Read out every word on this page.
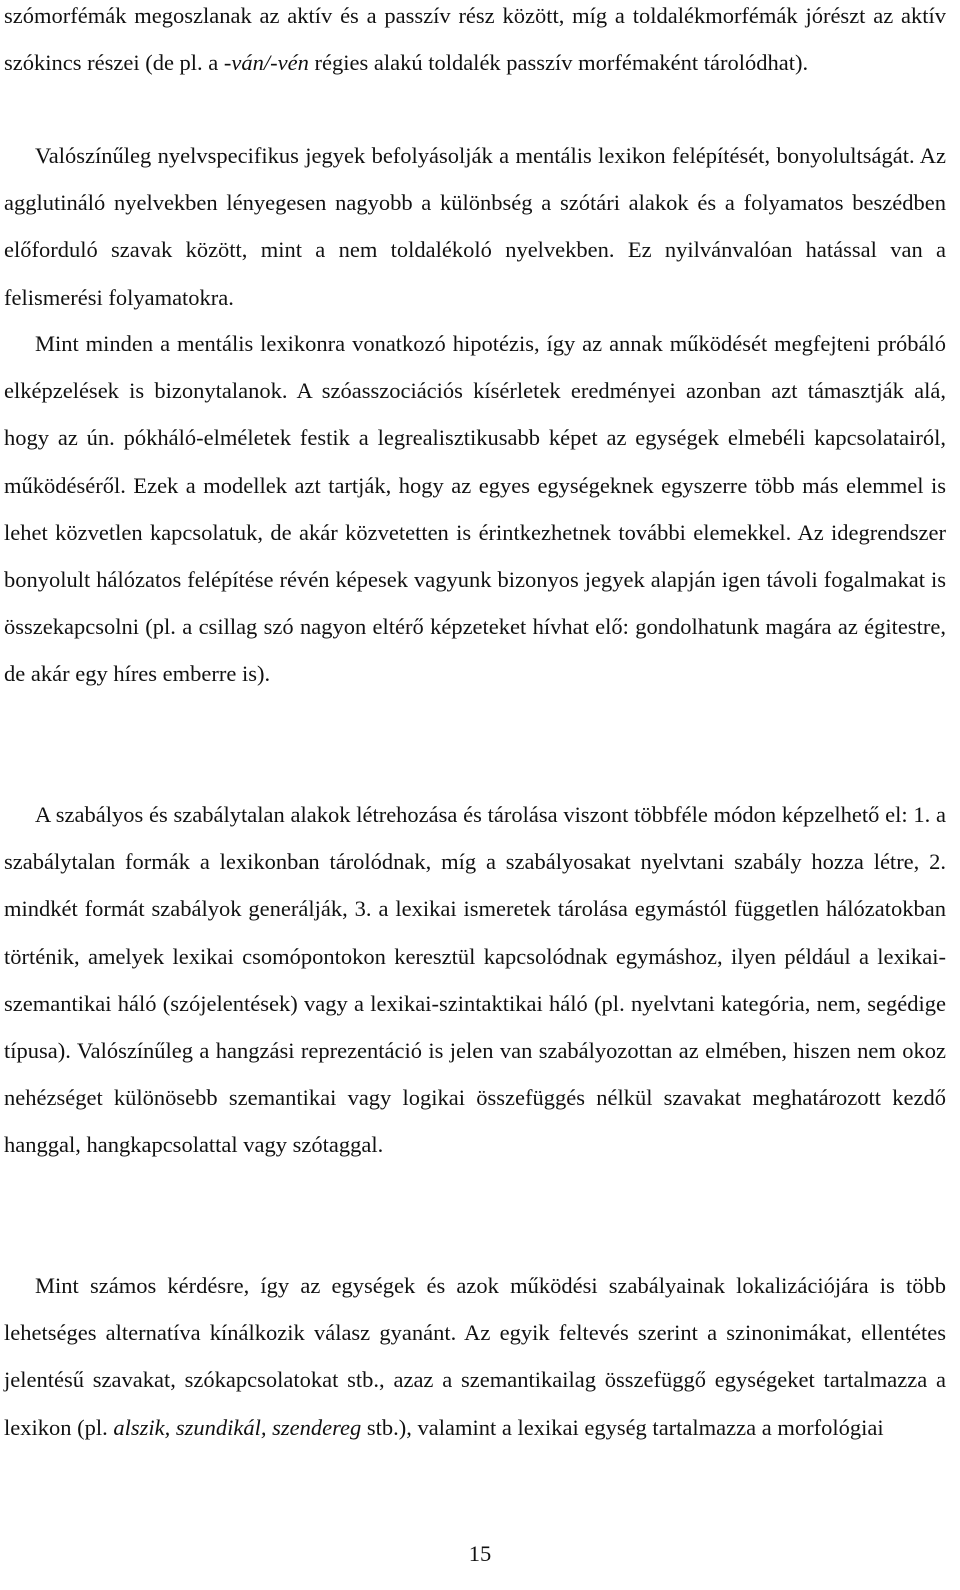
szómorfémák megoszlanak az aktív és a passzív rész között, míg a toldalékmorfémák jórészt az aktív szókincs részei (de pl. a -ván/-vén régies alakú toldalék passzív morfémaként tárolódhat).

Valószínűleg nyelvspecifikus jegyek befolyásolják a mentális lexikon felépítését, bonyolultságát. Az agglutináló nyelvekben lényegesen nagyobb a különbség a szótári alakok és a folyamatos beszédben előforduló szavak között, mint a nem toldalékoló nyelvekben. Ez nyilvánvalóan hatással van a felismerési folyamatokra.

Mint minden a mentális lexikonra vonatkozó hipotézis, így az annak működését megfejteni próbáló elképzelések is bizonytalanok. A szóasszociációs kísérletek eredményei azonban azt támasztják alá, hogy az ún. pókháló-elméletek festik a legrealisztikusabb képet az egységek elmebéli kapcsolatairól, működéséről. Ezek a modellek azt tartják, hogy az egyes egységeknek egyszerre több más elemmel is lehet közvetlen kapcsolatuk, de akár közvetetten is érintkezhetnek további elemekkel. Az idegrendszer bonyolult hálózatos felépítése révén képesek vagyunk bizonyos jegyek alapján igen távoli fogalmakat is összekapcsolni (pl. a csillag szó nagyon eltérő képzeteket hívhat elő: gondolhatunk magára az égitestre, de akár egy híres emberre is).

A szabályos és szabálytalan alakok létrehozása és tárolása viszont többféle módon képzelhető el: 1. a szabálytalan formák a lexikonban tárolódnak, míg a szabályosakat nyelvtani szabály hozza létre, 2. mindkét formát szabályok generálják, 3. a lexikai ismeretek tárolása egymástól független hálózatokban történik, amelyek lexikai csomópontokon keresztül kapcsolódnak egymáshoz, ilyen például a lexikai-szemantikai háló (szójelentések) vagy a lexikai-szintaktikai háló (pl. nyelvtani kategória, nem, segédige típusa). Valószínűleg a hangzási reprezentáció is jelen van szabályozottan az elmében, hiszen nem okoz nehézséget különösebb szemantikai vagy logikai összefüggés nélkül szavakat meghatározott kezdő hanggal, hangkapcsolattal vagy szótaggal.

Mint számos kérdésre, így az egységek és azok működési szabályainak lokalizációjára is több lehetséges alternatíva kínálkozik válasz gyanánt. Az egyik feltevés szerint a szinonimákat, ellentétes jelentésű szavakat, szókapcsolatokat stb., azaz a szemantikailag összefüggő egységeket tartalmazza a lexikon (pl. alszik, szundikál, szendereg stb.), valamint a lexikai egység tartalmazza a morfológiai

15
